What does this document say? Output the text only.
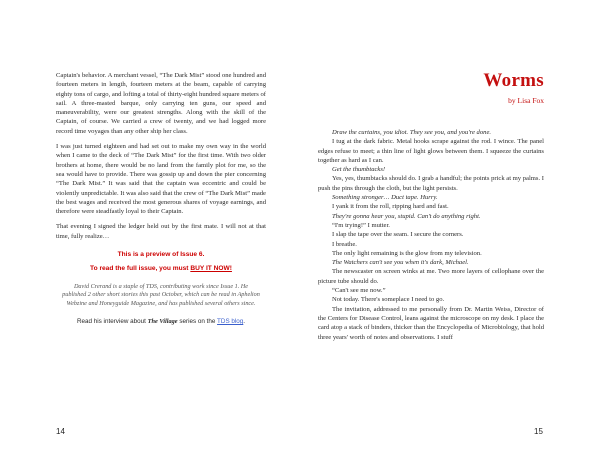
Captain's behavior. A merchant vessel, “The Dark Mist” stood one hundred and fourteen meters in length, fourteen meters at the beam, capable of carrying eighty tons of cargo, and lofting a total of thirty-eight hundred square meters of sail. A three-masted barque, only carrying ten guns, our speed and maneuverability, were our greatest strengths. Along with the skill of the Captain, of course. We carried a crew of twenty, and we had logged more record time voyages than any other ship her class.

I was just turned eighteen and had set out to make my own way in the world when I came to the deck of “The Dark Mist” for the first time. With two older brothers at home, there would be no land from the family plot for me, so the sea would have to provide. There was gossip up and down the pier concerning “The Dark Mist.” It was said that the captain was eccentric and could be violently unpredictable. It was also said that the crew of “The Dark Mist” made the best wages and received the most generous shares of voyage earnings, and therefore were steadfastly loyal to their Captain.

That evening I signed the ledger held out by the first mate. I will not at that time, fully realize…

This is a preview of Issue 6.

To read the full issue, you must BUY IT NOW!

David Crerand is a staple of TDS, contributing work since Issue 1. He published 2 other short stories this past October, which can be read in Aphelion Webzine and Honeyguide Magazine, and has published several others since.

Read his interview about The Village series on the TDS blog.

14
Worms
by Lisa Fox

Draw the curtains, you idiot. They see you, and you're done.

I tug at the dark fabric. Metal hooks scrape against the rod. I wince. The panel edges refuse to meet; a thin line of light glows between them. I squeeze the curtains together as hard as I can.

Get the thumbtacks!

Yes, yes, thumbtacks should do. I grab a handful; the points prick at my palms. I push the pins through the cloth, but the light persists.

Something stronger… Duct tape. Hurry.

I yank it from the roll, ripping hard and fast.

They're gonna hear you, stupid. Can't do anything right.

“I'm trying!” I mutter.

I slap the tape over the seam. I secure the corners.

I breathe.

The only light remaining is the glow from my television.

The Watchers can't see you when it's dark, Michael.

The newscaster on screen winks at me. Two more layers of cellophane over the picture tube should do.

“Can't see me now.”

Not today. There's someplace I need to go.

The invitation, addressed to me personally from Dr. Martin Weiss, Director of the Centers for Disease Control, leans against the microscope on my desk. I place the card atop a stack of binders, thicker than the Encyclopedia of Microbiology, that hold three years' worth of notes and observations. I stuff

15
